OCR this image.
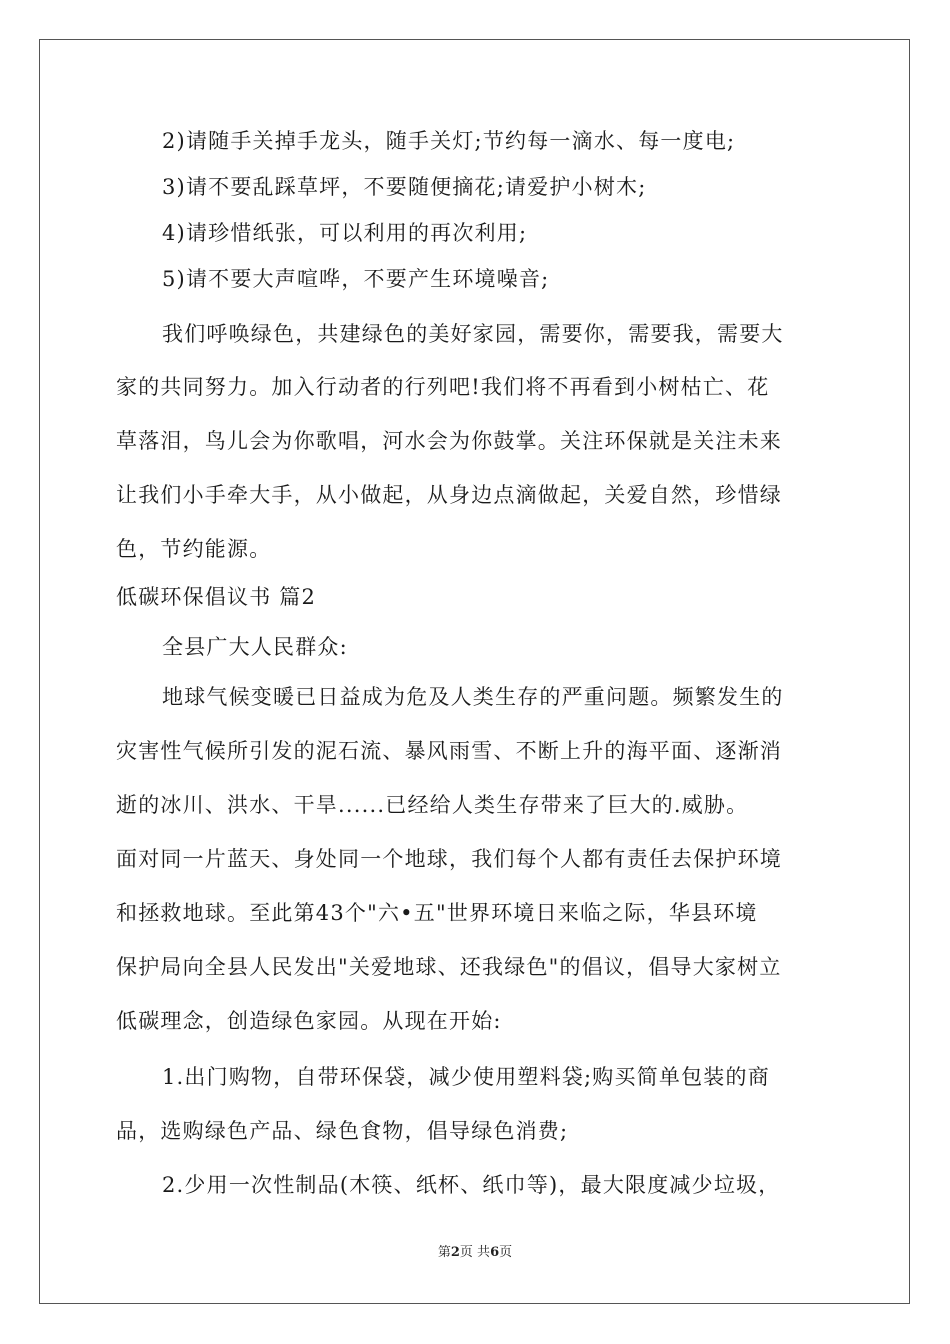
2)请随手关掉手龙头，随手关灯;节约每一滴水、每一度电;
3)请不要乱踩草坪，不要随便摘花;请爱护小树木;
4)请珍惜纸张，可以利用的再次利用;
5)请不要大声喧哗，不要产生环境噪音;
我们呼唤绿色，共建绿色的美好家园，需要你，需要我，需要大
家的共同努力。加入行动者的行列吧!我们将不再看到小树枯亡、花
草落泪，鸟儿会为你歌唱，河水会为你鼓掌。关注环保就是关注未来
让我们小手牵大手，从小做起，从身边点滴做起，关爱自然，珍惜绿
色，节约能源。
低碳环保倡议书 篇2
全县广大人民群众:
地球气候变暖已日益成为危及人类生存的严重问题。频繁发生的
灾害性气候所引发的泥石流、暴风雨雪、不断上升的海平面、逐渐消
逝的冰川、洪水、干旱......已经给人类生存带来了巨大的.威胁。
面对同一片蓝天、身处同一个地球，我们每个人都有责任去保护环境
和拯救地球。至此第43个"六•五"世界环境日来临之际，华县环境
保护局向全县人民发出"关爱地球、还我绿色"的倡议，倡导大家树立
低碳理念，创造绿色家园。从现在开始:
1.出门购物，自带环保袋，减少使用塑料袋;购买简单包装的商
品，选购绿色产品、绿色食物，倡导绿色消费;
2.少用一次性制品(木筷、纸杯、纸巾等)，最大限度减少垃圾，
第2页 共6页
